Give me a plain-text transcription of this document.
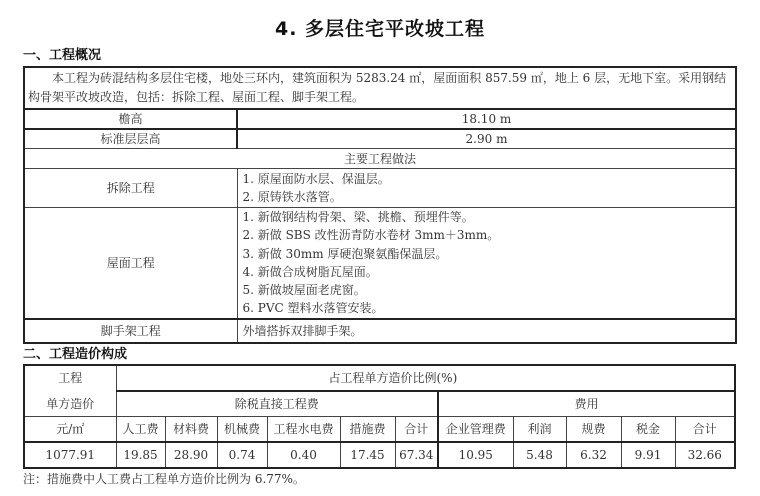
4. 多层住宅平改坡工程
一、工程概况
本工程为砖混结构多层住宅楼，地处三环内，建筑面积为 5283.24 ㎡，屋面面积 857.59 ㎡，地上 6 层，无地下室。采用钢结构骨架平改坡改造，包括：拆除工程、屋面工程、脚手架工程。	
檐高	18.10 m
标准层层高	2.90 m
主要工程做法	
拆除工程	1. 原屋面防水层、保温层。
2. 原铸铁水落管。

屋面工程	
1. 新做钢结构骨架、梁、挑檐、预埋件等。
2. 新做 SBS 改性沥青防水卷材 3mm＋3mm。
3. 新做 30mm 厚硬泡聚氨酯保温层。
4. 新做合成树脂瓦屋面。
5. 新做坡屋面老虎窗。
6. PVC 塑料水落管安装。

脚手架工程	外墙搭拆双排脚手架。
二、工程造价构成
工程
单方造价	占工程单方造价比例(%)										
	除税直接工程费						费用				
元/㎡	人工费	材料费	机械费	工程水电费	措施费	合计	企业管理费	利润	规费	税金	合计
1077.91	19.85	28.90	0.74	0.40	17.45	67.34	10.95	5.48	6.32	9.91	32.66
注：措施费中人工费占工程单方造价比例为 6.77%。
